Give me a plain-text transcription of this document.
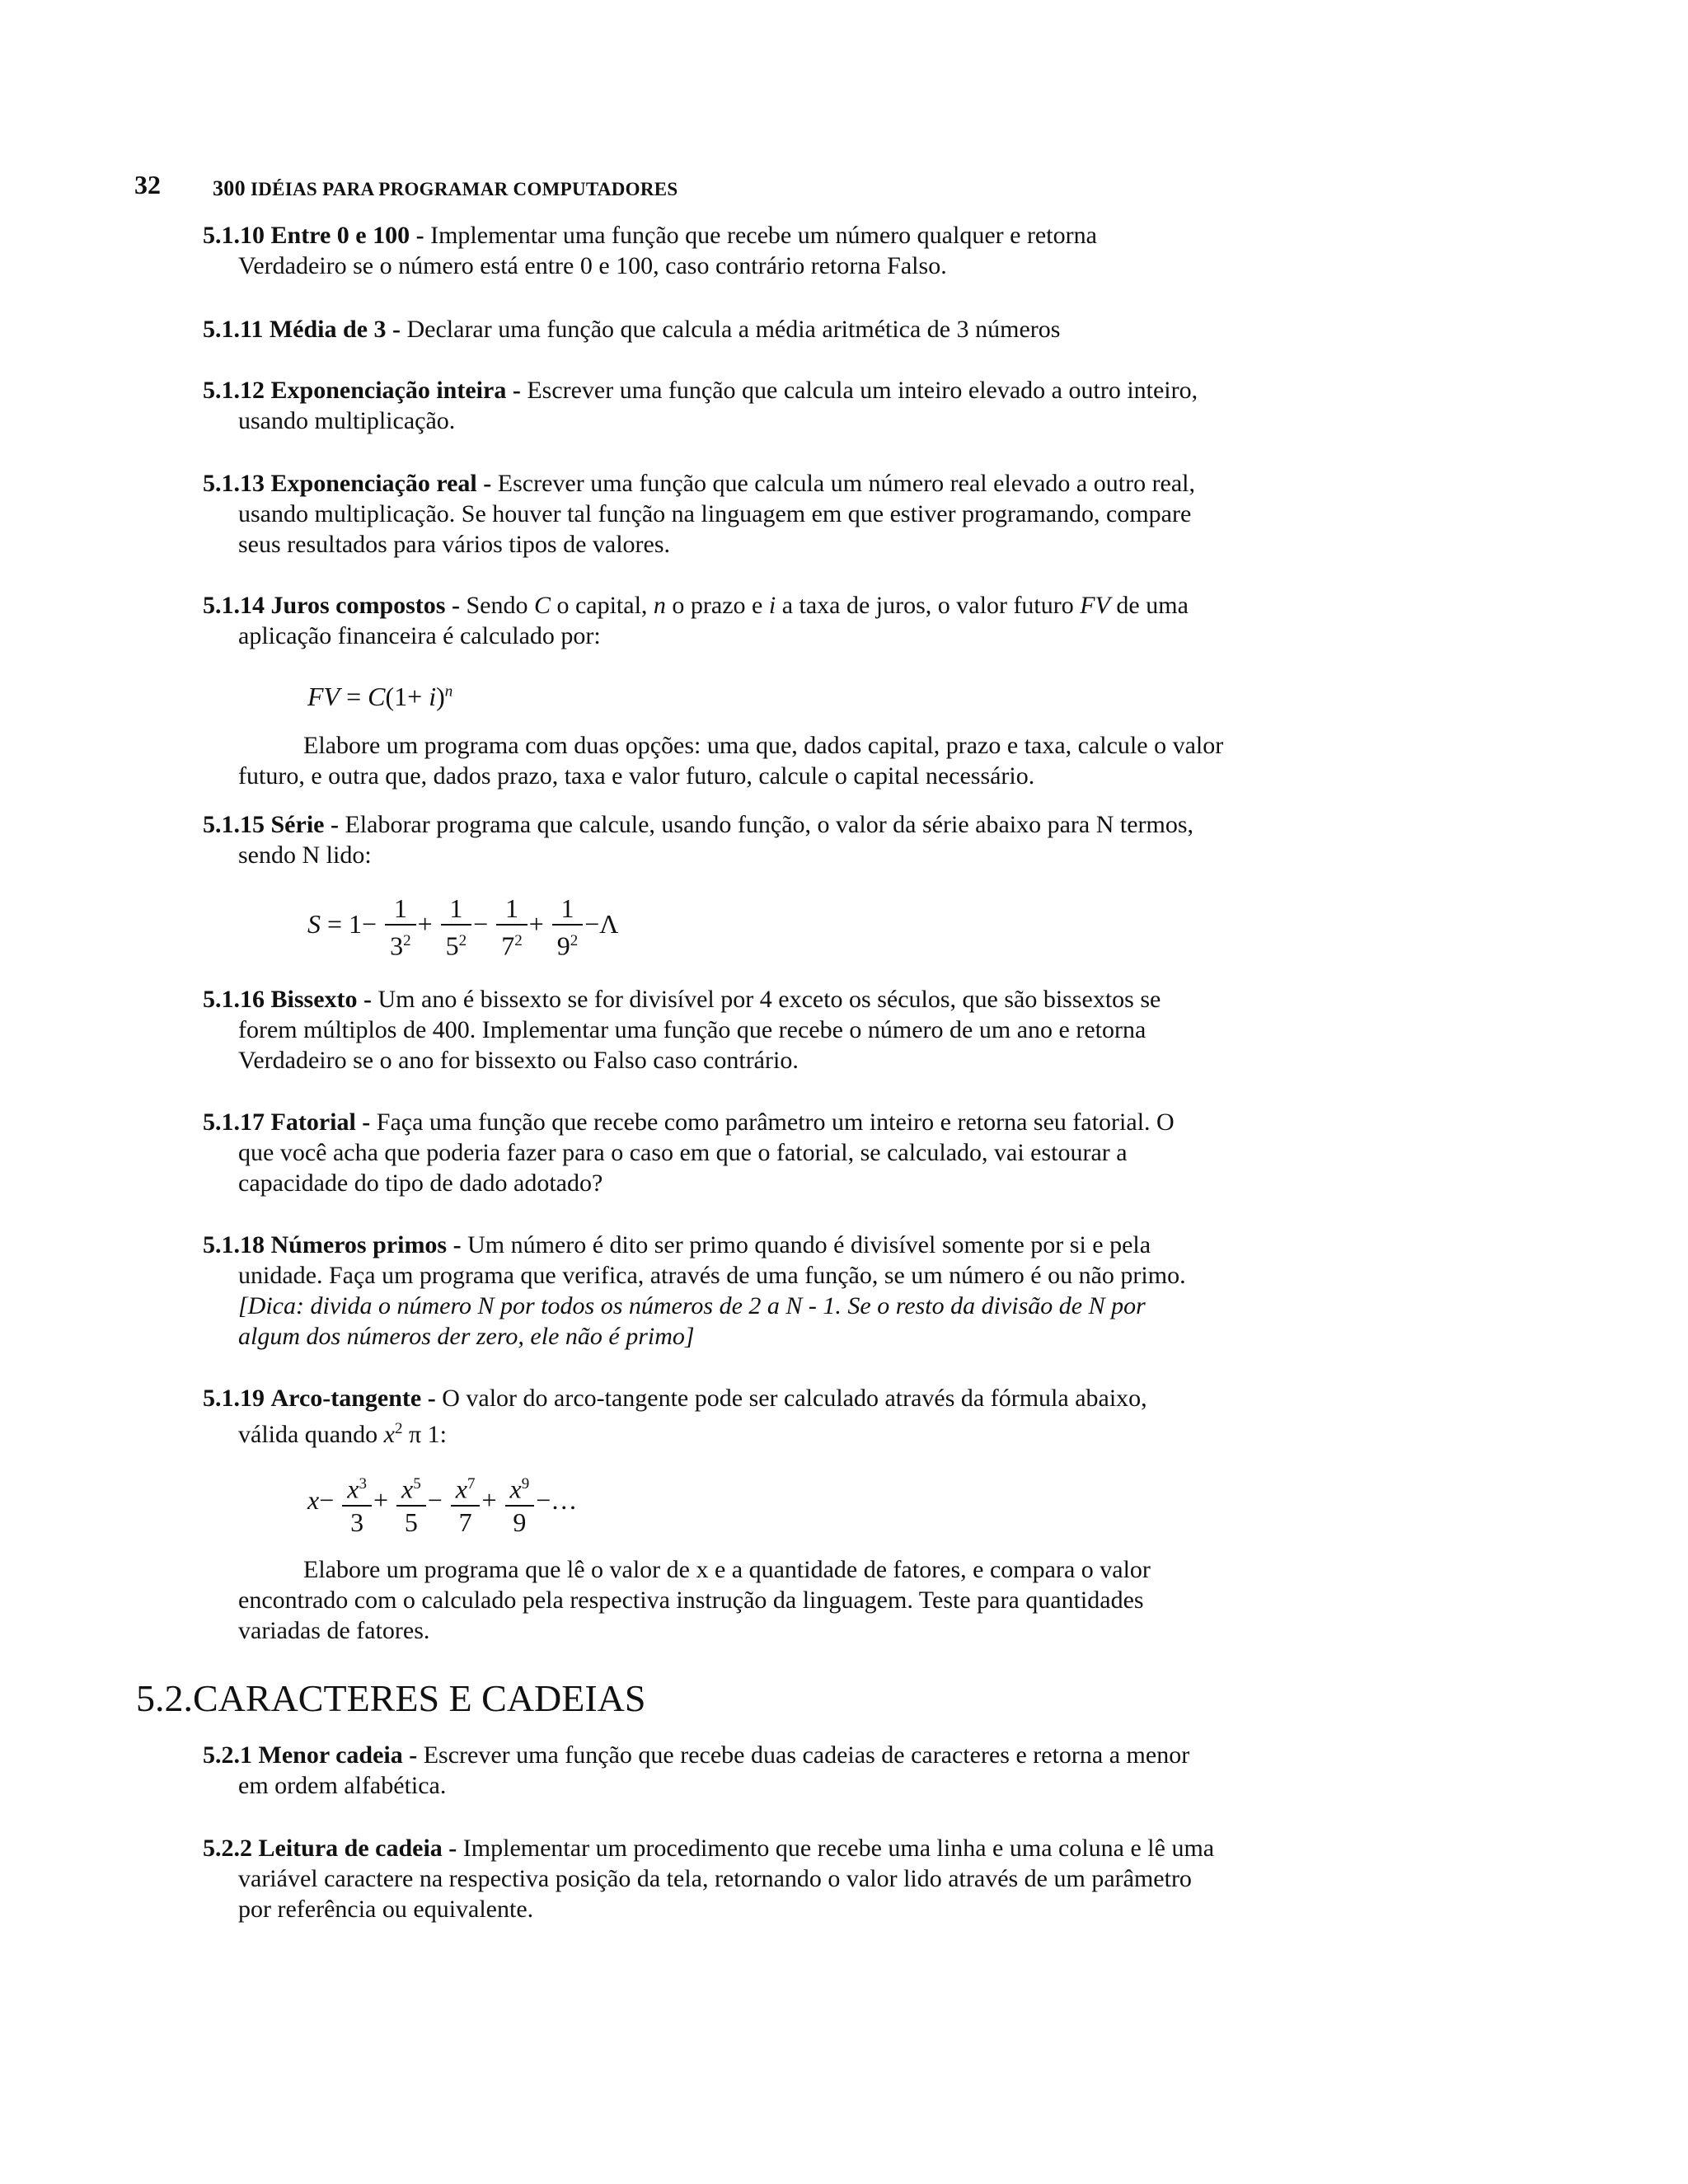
32 300 IDÉIAS PARA PROGRAMAR COMPUTADORES
5.1.10 Entre 0 e 100 - Implementar uma função que recebe um número qualquer e retorna
Verdadeiro se o número está entre 0 e 100, caso contrário retorna Falso.
5.1.11 Média de 3 - Declarar uma função que calcula a média aritmética de 3 números
5.1.12 Exponenciação inteira - Escrever uma função que calcula um inteiro elevado a outro inteiro,
usando multiplicação.
5.1.13 Exponenciação real - Escrever uma função que calcula um número real elevado a outro real,
usando multiplicação. Se houver tal função na linguagem em que estiver programando, compare
seus resultados para vários tipos de valores.
5.1.14 Juros compostos - Sendo C o capital, n o prazo e i a taxa de juros, o valor futuro FV de uma
aplicação financeira é calculado por:
FV = $C(1+ i)^n$
Elabore um programa com duas opções: uma que, dados capital, prazo e taxa, calcule o valor
futuro, e outra que, dados prazo, taxa e valor futuro, calcule o capital necessário.
5.1.15 Série - Elaborar programa que calcule, usando função, o valor da série abaixo para N termos,
sendo N lido:
$S = 1- \frac{1}{3^2} + \frac{1}{5^2} - \frac{1}{7^2} + \frac{1}{9^2} -\Lambda$
5.1.16 Bissexto - Um ano é bissexto se for divisível por 4 exceto os séculos, que são bissextos se
forem múltiplos de 400. Implementar uma função que recebe o número de um ano e retorna
Verdadeiro se o ano for bissexto ou Falso caso contrário.
5.1.17 Fatorial - Faça uma função que recebe como parâmetro um inteiro e retorna seu fatorial. O
que você acha que poderia fazer para o caso em que o fatorial, se calculado, vai estourar a
capacidade do tipo de dado adotado?
5.1.18 Números primos - Um número é dito ser primo quando é divisível somente por si e pela
unidade. Faça um programa que verifica, através de uma função, se um número é ou não primo.
[Dica: divida o número N por todos os números de 2 a N - 1. Se o resto da divisão de N por
algum dos números der zero, ele não é primo]
5.1.19 Arco-tangente - O valor do arco-tangente pode ser calculado através da fórmula abaixo,
válida quando $x^2$ π 1:
$x- \frac{x^3}{3} + \frac{x^5}{5} - \frac{x^7}{7} + \frac{x^9}{9}$ −…
Elabore um programa que lê o valor de x e a quantidade de fatores, e compara o valor
encontrado com o calculado pela respectiva instrução da linguagem. Teste para quantidades
variadas de fatores.
5.2.CARACTERES E CADEIAS
5.2.1 Menor cadeia - Escrever uma função que recebe duas cadeias de caracteres e retorna a menor
em ordem alfabética.
5.2.2 Leitura de cadeia - Implementar um procedimento que recebe uma linha e uma coluna e lê uma
variável caractere na respectiva posição da tela, retornando o valor lido através de um parâmetro
por referência ou equivalente.
